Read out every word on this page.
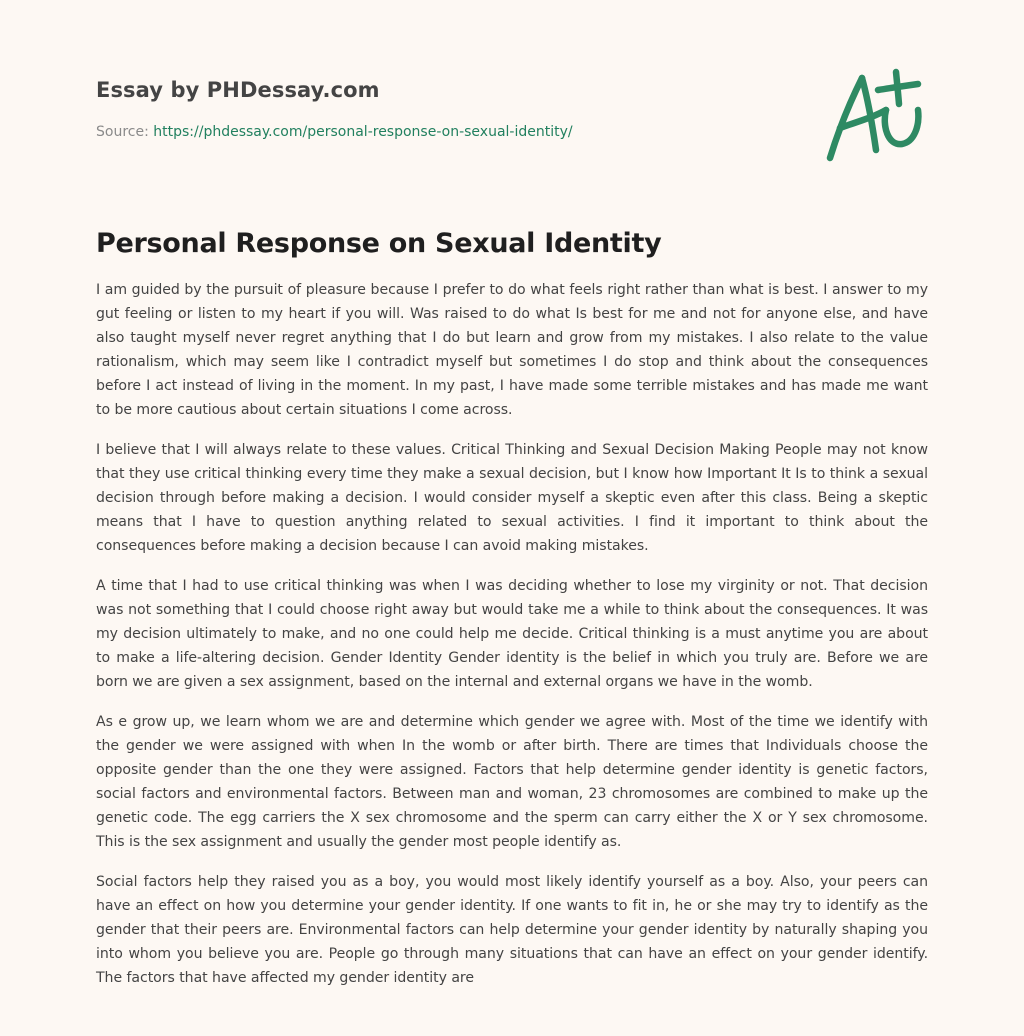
Essay by PHDessay.com
Source: https://phdessay.com/personal-response-on-sexual-identity/
Personal Response on Sexual Identity

I am guided by the pursuit of pleasure because I prefer to do what feels right rather than what is best. I answer to my gut feeling or listen to my heart if you will. Was raised to do what Is best for me and not for anyone else, and have also taught myself never regret anything that I do but learn and grow from my mistakes. I also relate to the value rationalism, which may seem like I contradict myself but sometimes I do stop and think about the consequences before I act instead of living in the moment. In my past, I have made some terrible mistakes and has made me want to be more cautious about certain situations I come across.

I believe that I will always relate to these values. Critical Thinking and Sexual Decision Making People may not know that they use critical thinking every time they make a sexual decision, but I know how Important It Is to think a sexual decision through before making a decision. I would consider myself a skeptic even after this class. Being a skeptic means that I have to question anything related to sexual activities. I find it important to think about the consequences before making a decision because I can avoid making mistakes.

A time that I had to use critical thinking was when I was deciding whether to lose my virginity or not. That decision was not something that I could choose right away but would take me a while to think about the consequences. It was my decision ultimately to make, and no one could help me decide. Critical thinking is a must anytime you are about to make a life-altering decision. Gender Identity Gender identity is the belief in which you truly are. Before we are born we are given a sex assignment, based on the internal and external organs we have in the womb.

As e grow up, we learn whom we are and determine which gender we agree with. Most of the time we identify with the gender we were assigned with when In the womb or after birth. There are times that Individuals choose the opposite gender than the one they were assigned. Factors that help determine gender identity is genetic factors, social factors and environmental factors. Between man and woman, 23 chromosomes are combined to make up the genetic code. The egg carriers the X sex chromosome and the sperm can carry either the X or Y sex chromosome. This is the sex assignment and usually the gender most people identify as.

Social factors help they raised you as a boy, you would most likely identify yourself as a boy. Also, your peers can have an effect on how you determine your gender identity. If one wants to fit in, he or she may try to identify as the gender that their peers are. Environmental factors can help determine your gender identity by naturally shaping you into whom you believe you are. People go through many situations that can have an effect on your gender identify. The factors that have affected my gender identity are
